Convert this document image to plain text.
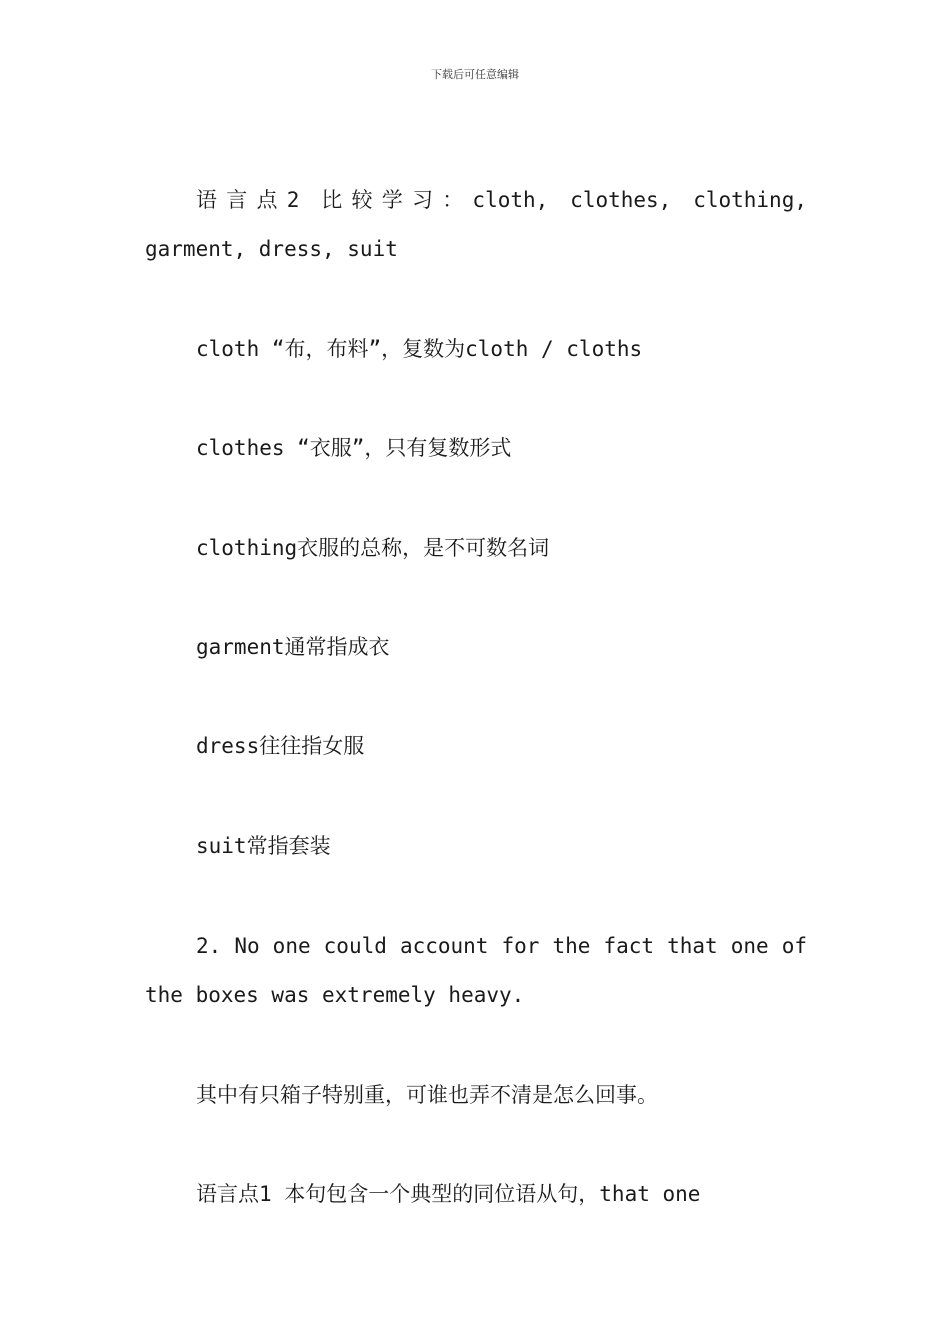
下载后可任意编辑
语言点2 比较学习：cloth, clothes, clothing, garment, dress, suit
cloth “布，布料”，复数为cloth / cloths
clothes “衣服”，只有复数形式
clothing衣服的总称，是不可数名词
garment通常指成衣
dress往往指女服
suit常指套装
2. No one could account for the fact that one of the boxes was extremely heavy.
其中有只箱子特别重，可谁也弄不清是怎么回事。
语言点1 本句包含一个典型的同位语从句，that one
